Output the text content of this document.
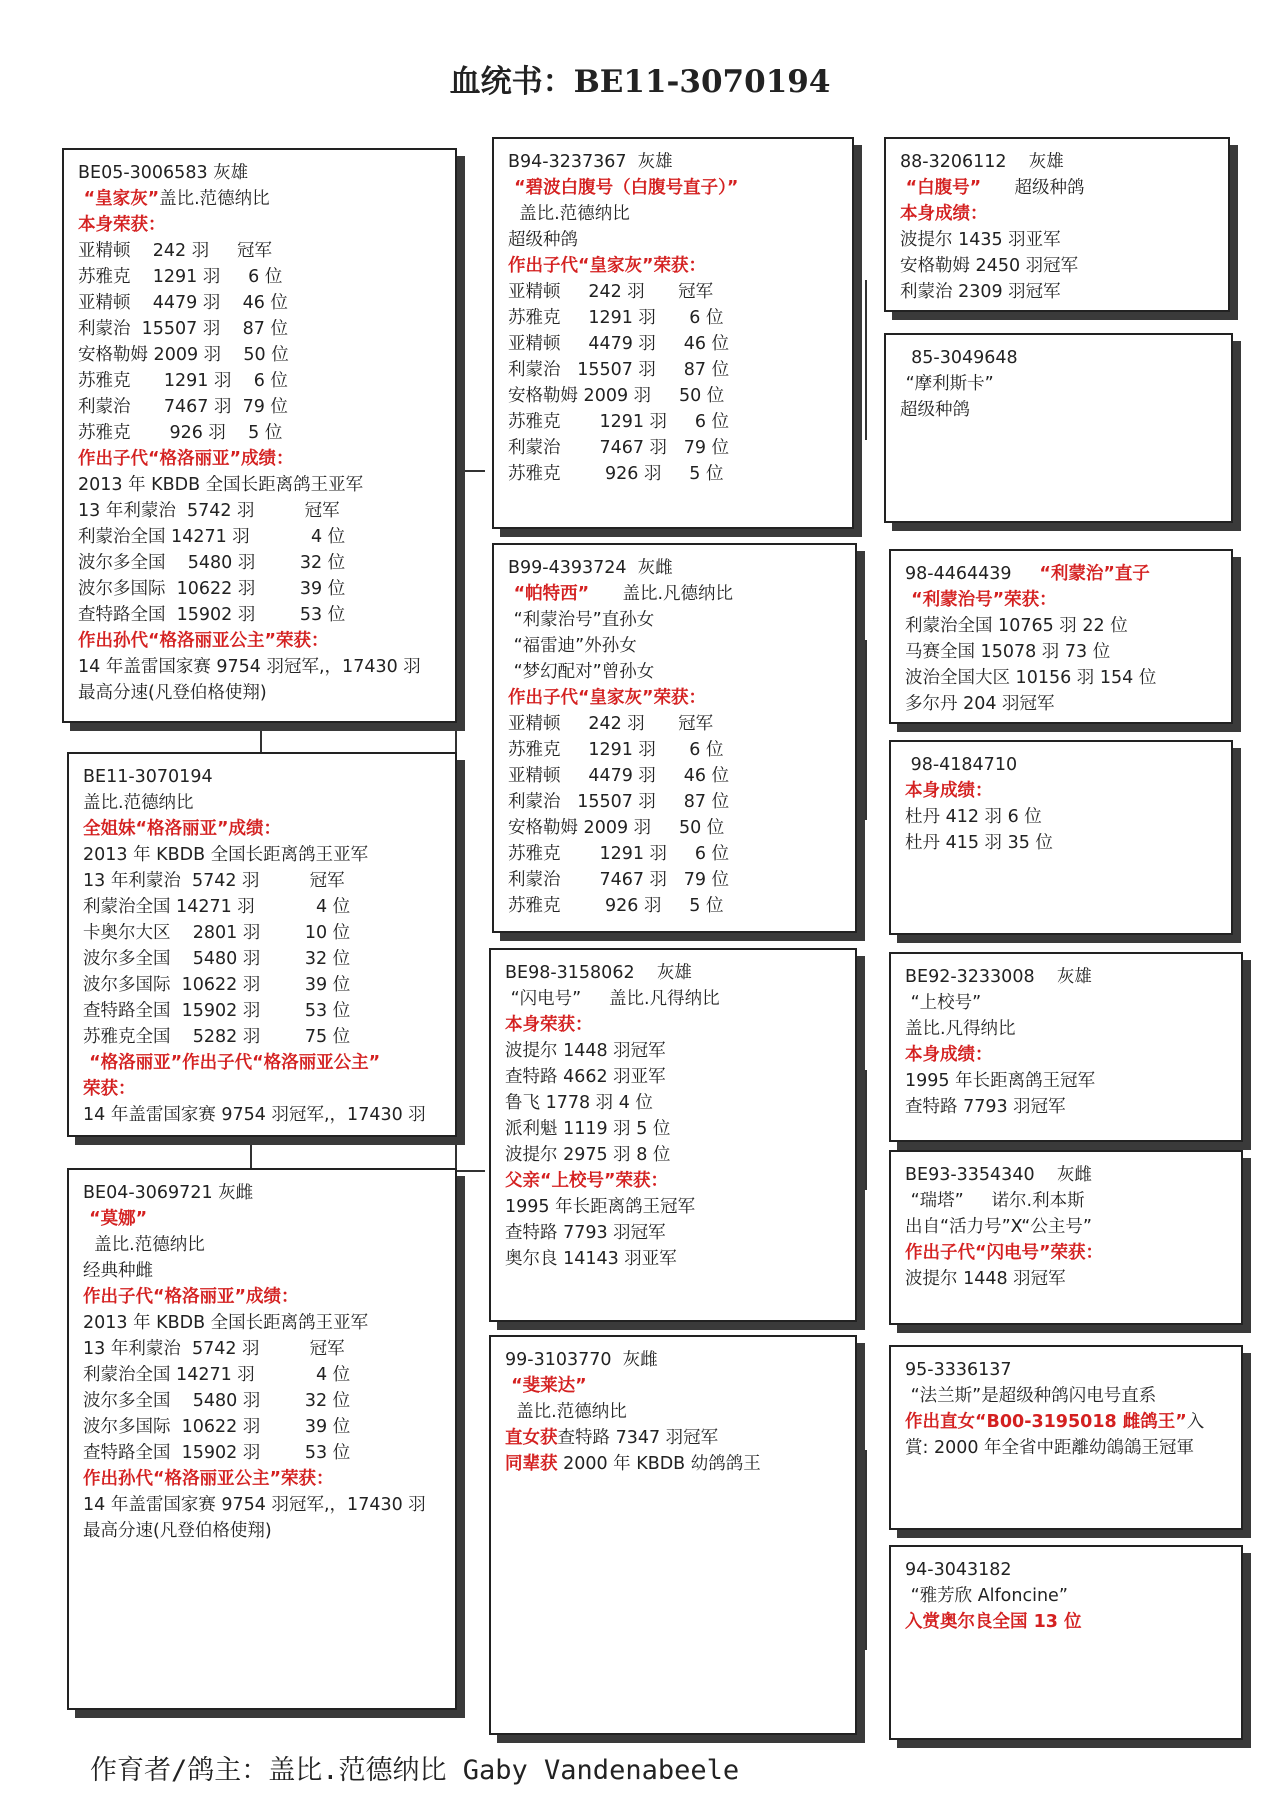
血统书：BE11-3070194
BE05-3006583 灰雄
“皇家灰”盖比.范德纳比
本身荣获：
亚精顿    242 羽     冠军
苏雅克    1291 羽     6 位
亚精顿    4479 羽    46 位
利蒙治  15507 羽    87 位
安格勒姆 2009 羽    50 位
苏雅克      1291 羽    6 位
利蒙治      7467 羽  79 位
苏雅克       926 羽    5 位
作出子代“格洛丽亚”成绩：
2013 年 KBDB 全国长距离鸽王亚军
13 年利蒙治  5742 羽         冠军
利蒙治全国 14271 羽           4 位
波尔多全国    5480 羽        32 位
波尔多国际  10622 羽        39 位
查特路全国  15902 羽        53 位
作出孙代“格洛丽亚公主”荣获：
14 年盖雷国家赛 9754 羽冠军,，17430 羽
最高分速(凡登伯格使翔)
BE11-3070194
盖比.范德纳比
全姐妹“格洛丽亚”成绩：
2013 年 KBDB 全国长距离鸽王亚军
13 年利蒙治  5742 羽         冠军
利蒙治全国 14271 羽           4 位
卡奥尔大区    2801 羽        10 位
波尔多全国    5480 羽        32 位
波尔多国际  10622 羽        39 位
查特路全国  15902 羽        53 位
苏雅克全国    5282 羽        75 位
“格洛丽亚”作出子代“格洛丽亚公主”
荣获：
14 年盖雷国家赛 9754 羽冠军,，17430 羽
BE04-3069721 灰雌
“莫娜”
盖比.范德纳比
经典种雌
作出子代“格洛丽亚”成绩：
2013 年 KBDB 全国长距离鸽王亚军
13 年利蒙治  5742 羽         冠军
利蒙治全国 14271 羽           4 位
波尔多全国    5480 羽        32 位
波尔多国际  10622 羽        39 位
查特路全国  15902 羽        53 位
作出孙代“格洛丽亚公主”荣获：
14 年盖雷国家赛 9754 羽冠军,，17430 羽
最高分速(凡登伯格使翔)
B94-3237367  灰雄
“碧波白腹号（白腹号直子）”
盖比.范德纳比
超级种鸽
作出子代“皇家灰”荣获：
亚精顿     242 羽      冠军
苏雅克     1291 羽      6 位
亚精顿     4479 羽     46 位
利蒙治   15507 羽     87 位
安格勒姆 2009 羽     50 位
苏雅克       1291 羽     6 位
利蒙治       7467 羽   79 位
苏雅克        926 羽     5 位
B99-4393724  灰雌
“帕特西”      盖比.凡德纳比
“利蒙治号”直孙女
“福雷迪”外孙女
“梦幻配对”曾孙女
作出子代“皇家灰”荣获：
亚精顿     242 羽      冠军
苏雅克     1291 羽      6 位
亚精顿     4479 羽     46 位
利蒙治   15507 羽     87 位
安格勒姆 2009 羽     50 位
苏雅克       1291 羽     6 位
利蒙治       7467 羽   79 位
苏雅克        926 羽     5 位
BE98-3158062    灰雄
“闪电号”     盖比.凡得纳比
本身荣获：
波提尔 1448 羽冠军
查特路 4662 羽亚军
鲁飞 1778 羽 4 位
派利魁 1119 羽 5 位
波提尔 2975 羽 8 位
父亲“上校号”荣获：
1995 年长距离鸽王冠军
查特路 7793 羽冠军
奥尔良 14143 羽亚军
99-3103770  灰雌
“斐莱达”
盖比.范德纳比
直女获查特路 7347 羽冠军
同辈获 2000 年 KBDB 幼鸽鸽王
88-3206112    灰雄
“白腹号”      超级种鸽
本身成绩：
波提尔 1435 羽亚军
安格勒姆 2450 羽冠军
利蒙治 2309 羽冠军
85-3049648
“摩利斯卡”
超级种鸽
98-4464439     “利蒙治”直子
“利蒙治号”荣获：
利蒙治全国 10765 羽 22 位
马赛全国 15078 羽 73 位
波治全国大区 10156 羽 154 位
多尔丹 204 羽冠军
98-4184710
本身成绩：
杜丹 412 羽 6 位
杜丹 415 羽 35 位
BE92-3233008    灰雄
“上校号”
盖比.凡得纳比
本身成绩：
1995 年长距离鸽王冠军
查特路 7793 羽冠军
BE93-3354340    灰雌
“瑞塔”     诺尔.利本斯
出自“活力号”X“公主号”
作出子代“闪电号”荣获：
波提尔 1448 羽冠军
95-3336137
“法兰斯”是超级种鸽闪电号直系
作出直女“B00-3195018 雌鸽王”入
賞: 2000 年全省中距離幼鴿鴿王冠軍
94-3043182
“雅芳欣 Alfoncine”
入赏奥尔良全国 13 位
作育者/鸽主：盖比.范德纳比 Gaby Vandenabeele
